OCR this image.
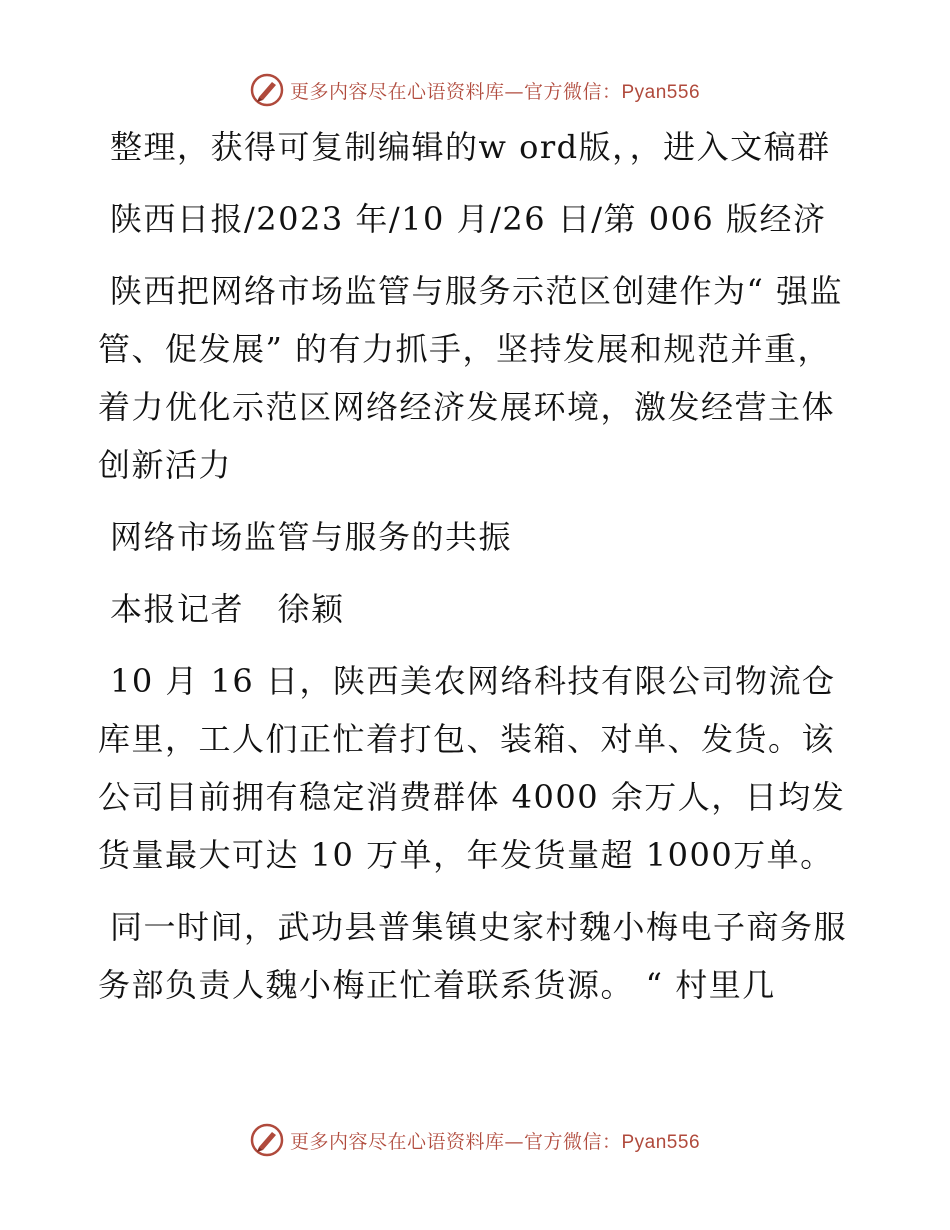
更多内容尽在心语资料库—官方微信：Pyan556

整理，获得可复制编辑的w ord版，，进入文稿群

陕西日报/2023 年/10 月/26 日/第 006 版经济

陕西把网络市场监管与服务示范区创建作为“ 强监管、促发展” 的有力抓手，坚持发展和规范并重，着力优化示范区网络经济发展环境，激发经营主体创新活力

网络市场监管与服务的共振

本报记者　徐颖

10 月 16 日，陕西美农网络科技有限公司物流仓库里，工人们正忙着打包、装箱、对单、发货。该公司目前拥有稳定消费群体 4000 余万人，日均发货量最大可达 10 万单，年发货量超 1000万单。

同一时间，武功县普集镇史家村魏小梅电子商务服务部负责人魏小梅正忙着联系货源。 “ 村里几

更多内容尽在心语资料库—官方微信：Pyan556
